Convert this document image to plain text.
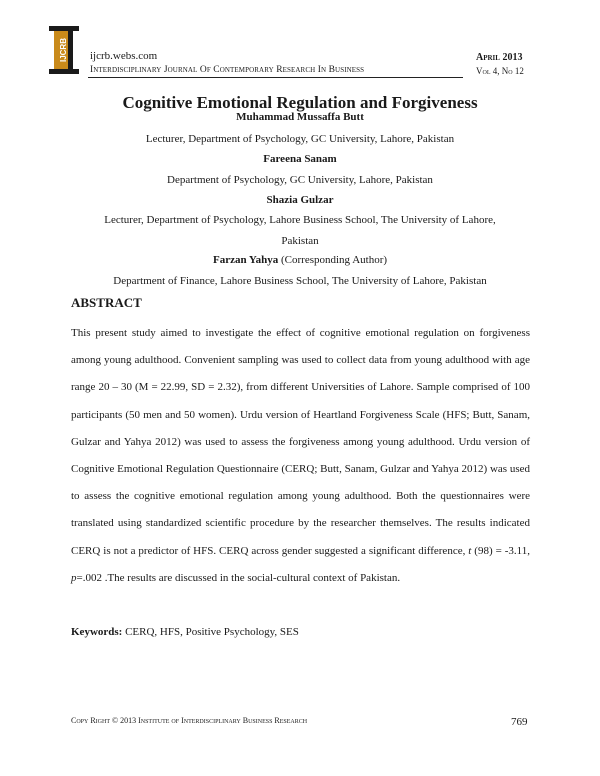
IJCRB ijcrb.webs.com
Interdisciplinary Journal Of Contemporary Research In Business
April 2013
Vol 4, No 12
Cognitive Emotional Regulation and Forgiveness
Muhammad Mussaffa Butt
Lecturer, Department of Psychology, GC University, Lahore, Pakistan
Fareena Sanam
Department of Psychology, GC University, Lahore, Pakistan
Shazia Gulzar
Lecturer, Department of Psychology, Lahore Business School, The University of Lahore,
Pakistan
Farzan Yahya (Corresponding Author)
Department of Finance, Lahore Business School, The University of Lahore, Pakistan
ABSTRACT
This present study aimed to investigate the effect of cognitive emotional regulation on forgiveness among young adulthood. Convenient sampling was used to collect data from young adulthood with age range 20 – 30 (M = 22.99, SD = 2.32), from different Universities of Lahore. Sample comprised of 100 participants (50 men and 50 women). Urdu version of Heartland Forgiveness Scale (HFS; Butt, Sanam, Gulzar and Yahya 2012) was used to assess the forgiveness among young adulthood. Urdu version of Cognitive Emotional Regulation Questionnaire (CERQ; Butt, Sanam, Gulzar and Yahya 2012) was used to assess the cognitive emotional regulation among young adulthood. Both the questionnaires were translated using standardized scientific procedure by the researcher themselves. The results indicated CERQ is not a predictor of HFS. CERQ across gender suggested a significant difference, t (98) = -3.11, p=.002 .The results are discussed in the social-cultural context of Pakistan.
Keywords: CERQ, HFS, Positive Psychology, SES
Copy Right © 2013 Institute of Interdisciplinary Business Research	769
